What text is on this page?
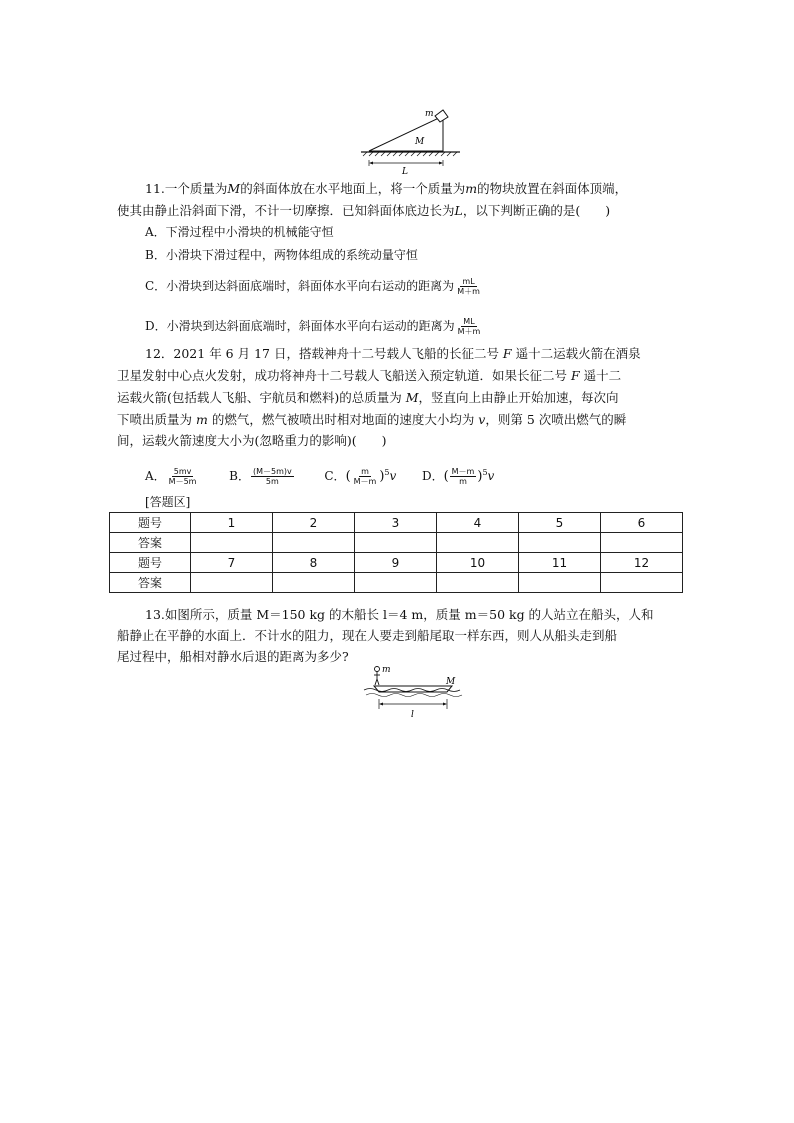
m
M
L
11.一个质量为M的斜面体放在水平地面上，将一个质量为m的物块放置在斜面体顶端，
使其由静止沿斜面下滑，不计一切摩擦．已知斜面体底边长为L，以下判断正确的是(　　)
A．下滑过程中小滑块的机械能守恒
B．小滑块下滑过程中，两物体组成的系统动量守恒
C．小滑块到达斜面底端时，斜面体水平向右运动的距离为 $\frac{mL}{M+m}$
D．小滑块到达斜面底端时，斜面体水平向右运动的距离为 $\frac{ML}{M+m}$
12．2021 年 6 月 17 日，搭载神舟十二号载人飞船的长征二号 F 遥十二运载火箭在酒泉
卫星发射中心点火发射，成功将神舟十二号载人飞船送入预定轨道．如果长征二号 F 遥十二
运载火箭(包括载人飞船、宇航员和燃料)的总质量为 M，竖直向上由静止开始加速，每次向
下喷出质量为 m 的燃气，燃气被喷出时相对地面的速度大小均为 v，则第 5 次喷出燃气的瞬
间，运载火箭速度大小为(忽略重力的影响)(　　)
A． $\frac{5mv}{M-5m}$	B． $\frac{(M-5m)v}{5m}$	C．( $\frac{m}{M-m} )^5v$ D．( $\frac{M-m}{m} )^5v$
[答题区]
题号	1	2	3	4	5	6
答案						
题号	7	8	9	10	11	12
答案						
13.如图所示，质量 M＝150 kg 的木船长 l＝4 m，质量 m＝50 kg 的人站立在船头，人和
船静止在平静的水面上．不计水的阻力，现在人要走到船尾取一样东西，则人从船头走到船
尾过程中，船相对静水后退的距离为多少?
m
M
l
